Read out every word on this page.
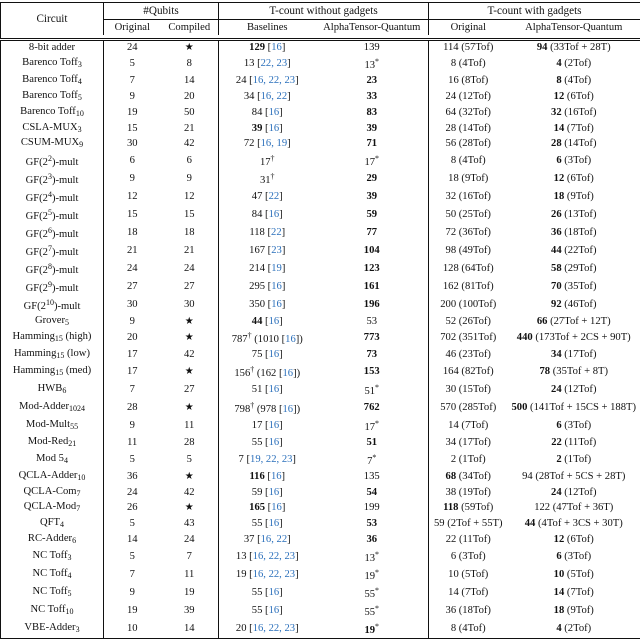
Circuit	#Qubits		T-count without gadgets		T-count with gadgets	
	Original	Compiled	Baselines	AlphaTensor-Quantum	Original	AlphaTensor-Quantum

8-bit adder	24	★	129 [16]	139	114 (57Tof)	94 (33Tof + 28T)
Barenco Toff$_3$	5	8	13 [22, 23]	13*	8 (4Tof)	4 (2Tof)
Barenco Toff$_4$	7	14	24 [16, 22, 23]	23	16 (8Tof)	8 (4Tof)
Barenco Toff$_5$	9	20	34 [16, 22]	33	24 (12Tof)	12 (6Tof)
Barenco Toff$_{10}$	19	50	84 [16]	83	64 (32Tof)	32 (16Tof)
CSLA-$MUX_3$	15	21	39 [16]	39	28 (14Tof)	14 (7Tof)
CSUM-$MUX_9$	30	42	72 [16, 19]	71	56 (28Tof)	28 (14Tof)
$GF(2^2)$-mult	6	6	17†	17*	8 (4Tof)	6 (3Tof)
$GF(2^3)$-mult	9	9	31†	29	18 (9Tof)	12 (6Tof)
$GF(2^4)$-mult	12	12	47 [22]	39	32 (16Tof)	18 (9Tof)
$GF(2^5)$-mult	15	15	84 [16]	59	50 (25Tof)	26 (13Tof)
$GF(2^6)$-mult	18	18	118 [22]	77	72 (36Tof)	36 (18Tof)
$GF(2^7)$-mult	21	21	167 [23]	104	98 (49Tof)	44 (22Tof)
$GF(2^8)$-mult	24	24	214 [19]	123	128 (64Tof)	58 (29Tof)
$GF(2^9)$-mult	27	27	295 [16]	161	162 (81Tof)	70 (35Tof)
$GF(2^{10})$-mult	30	30	350 [16]	196	200 (100Tof)	92 (46Tof)
Grover$_5$	9	★	44 [16]	53	52 (26Tof)	66 (27Tof + 12T)
Hamming$_{15}$ (high)	20	★	787† (1010 [16])	773	702 (351Tof)	440 (173Tof + 2CS + 90T)
Hamming$_{15}$ (low)	17	42	75 [16]	73	46 (23Tof)	34 (17Tof)
Hamming$_{15}$ (med)	17	★	156† (162 [16])	153	164 (82Tof)	78 (35Tof + 8T)
$HWB_6$	7	27	51 [16]	51*	30 (15Tof)	24 (12Tof)
Mod-Adder$_{1024}$	28	★	798† (978 [16])	762	570 (285Tof)	500 (141Tof + 15CS + 188T)
Mod-Mult$_{55}$	9	11	17 [16]	17*	14 (7Tof)	6 (3Tof)
Mod-Red$_{21}$	11	28	55 [16]	51	34 (17Tof)	22 (11Tof)
Mod $5_4$	5	5	7 [19, 22, 23]	7*	2 (1Tof)	2 (1Tof)
QCLA-Adder$_{10}$	36	★	116 [16]	135	68 (34Tof)	94 (28Tof + 5CS + 28T)
QCLA-Com$_7$	24	42	59 [16]	54	38 (19Tof)	24 (12Tof)
QCLA-Mod$_7$	26	★	165 [16]	199	118 (59Tof)	122 (47Tof + 36T)
$QFT_4$	5	43	55 [16]	53	59 (2Tof + 55T)	44 (4Tof + 3CS + 30T)
RC-Adder$_6$	14	24	37 [16, 22]	36	22 (11Tof)	12 (6Tof)
NC Toff$_3$	5	7	13 [16, 22, 23]	13*	6 (3Tof)	6 (3Tof)
NC Toff$_4$	7	11	19 [16, 22, 23]	19*	10 (5Tof)	10 (5Tof)
NC Toff$_5$	9	19	55 [16]	55*	14 (7Tof)	14 (7Tof)
NC Toff$_{10}$	19	39	55 [16]	55*	36 (18Tof)	18 (9Tof)
VBE-Adder$_3$	10	14	20 [16, 22, 23]	19*	8 (4Tof)	4 (2Tof)
